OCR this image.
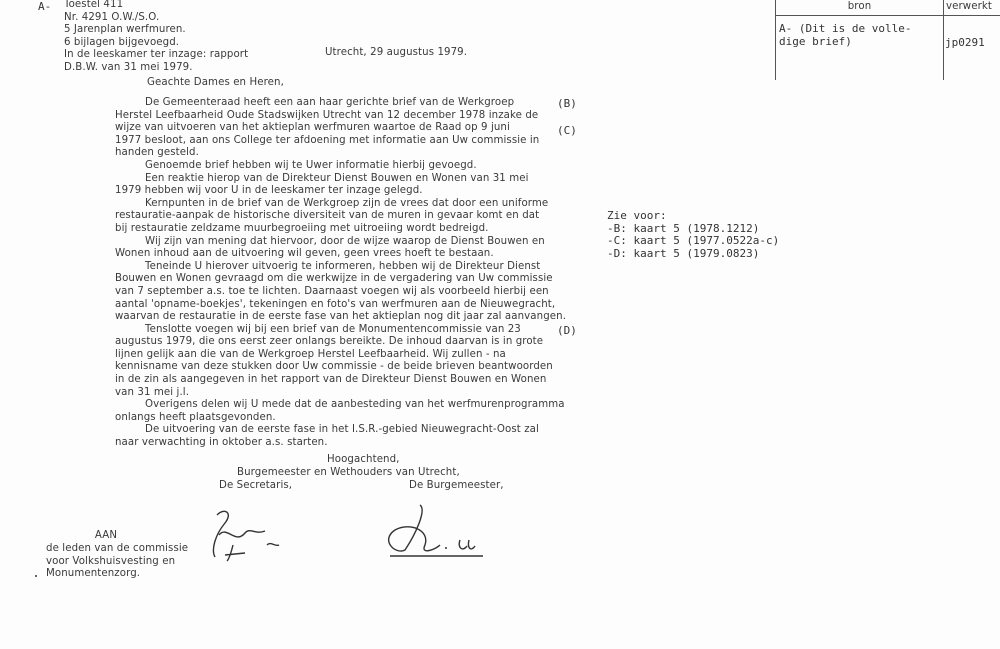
A- Toestel 411
Nr. 4291 O.W./S.O.
5 Jarenplan werfmuren.
6 bijlagen bijgevoegd.
In de leeskamer ter inzage: rapport
D.B.W. van 31 mei 1979.
Utrecht, 29 augustus 1979.
Geachte Dames en Heren,
De Gemeenteraad heeft een aan haar gerichte brief van de Werkgroep
Herstel Leefbaarheid Oude Stadswijken Utrecht van 12 december 1978 inzake de
wijze van uitvoeren van het aktieplan werfmuren waartoe de Raad op 9 juni
1977 besloot, aan ons College ter afdoening met informatie aan Uw commissie in
handen gesteld.
Genoemde brief hebben wij te Uwer informatie hierbij gevoegd.
Een reaktie hierop van de Direkteur Dienst Bouwen en Wonen van 31 mei
1979 hebben wij voor U in de leeskamer ter inzage gelegd.
Kernpunten in de brief van de Werkgroep zijn de vrees dat door een uniforme
restauratie-aanpak de historische diversiteit van de muren in gevaar komt en dat
bij restauratie zeldzame muurbegroeiing met uitroeiing wordt bedreigd.
Wij zijn van mening dat hiervoor, door de wijze waarop de Dienst Bouwen en
Wonen inhoud aan de uitvoering wil geven, geen vrees hoeft te bestaan.
Teneinde U hierover uitvoerig te informeren, hebben wij de Direkteur Dienst
Bouwen en Wonen gevraagd om die werkwijze in de vergadering van Uw commissie
van 7 september a.s. toe te lichten. Daarnaast voegen wij als voorbeeld hierbij een
aantal 'opname-boekjes', tekeningen en foto's van werfmuren aan de Nieuwegracht,
waarvan de restauratie in de eerste fase van het aktieplan nog dit jaar zal aanvangen.
Tenslotte voegen wij bij een brief van de Monumentencommissie van 23
augustus 1979, die ons eerst zeer onlangs bereikte. De inhoud daarvan is in grote
lijnen gelijk aan die van de Werkgroep Herstel Leefbaarheid. Wij zullen - na
kennisname van deze stukken door Uw commissie - de beide brieven beantwoorden
in de zin als aangegeven in het rapport van de Direkteur Dienst Bouwen en Wonen
van 31 mei j.l.
Overigens delen wij U mede dat de aanbesteding van het werfmurenprogramma
onlangs heeft plaatsgevonden.
De uitvoering van de eerste fase in het I.S.R.-gebied Nieuwegracht-Oost zal
naar verwachting in oktober a.s. starten.
(B)
(C)
(D)
Hoogachtend,
Burgemeester en Wethouders van Utrecht,
De Secretaris,	De Burgemeester,
AAN
de leden van de commissie
voor Volkshuisvesting en
Monumentenzorg.
bron	verwerkt
A- (Dit is de volle-
dige brief)	jp0291
Zie voor:
-B: kaart 5 (1978.1212)
-C: kaart 5 (1977.0522a-c)
-D: kaart 5 (1979.0823)
